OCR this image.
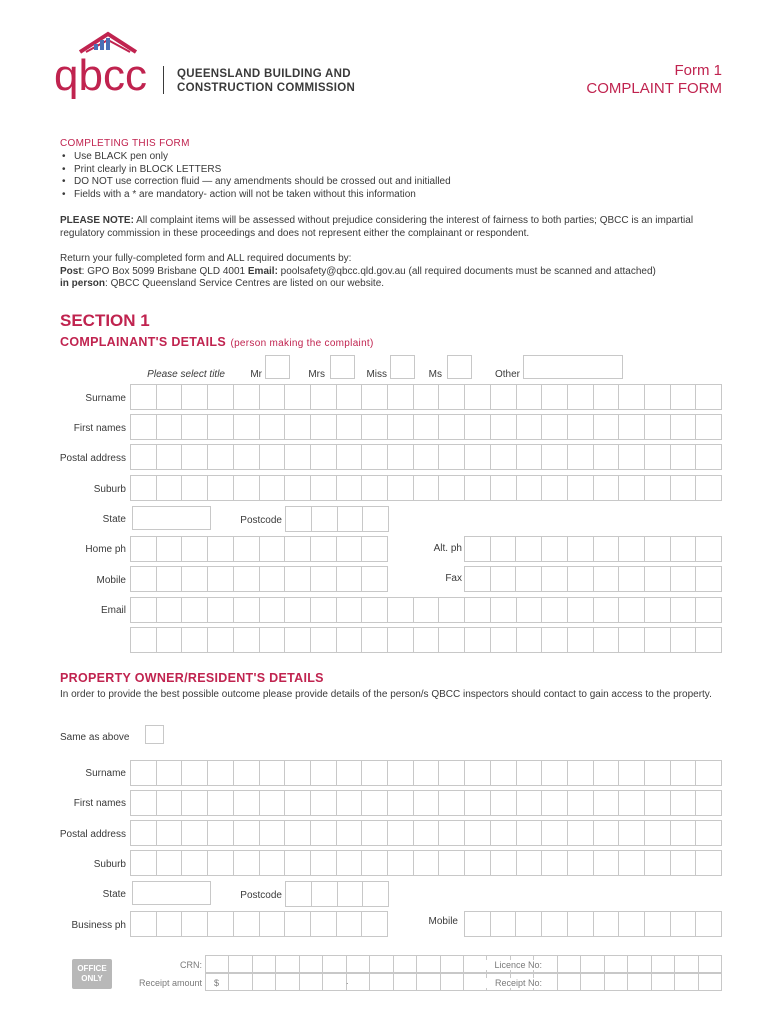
qbcc	QUEENSLAND BUILDING AND
CONSTRUCTION COMMISSION
Form 1
COMPLAINT FORM
COMPLETING THIS FORM
• Use BLACK pen only
• Print clearly in BLOCK LETTERS
• DO NOT use correction fluid — any amendments should be crossed out and initialled
• Fields with a * are mandatory- action will not be taken without this information
PLEASE NOTE: All complaint items will be assessed without prejudice considering the interest of fairness to both parties; QBCC is an impartial regulatory commission in these proceedings and does not represent either the complainant or respondent.
Return your fully-completed form and ALL required documents by:
Post: GPO Box 5099 Brisbane QLD 4001 Email: poolsafety@qbcc.qld.gov.au (all required documents must be scanned and attached)
in person: QBCC Queensland Service Centres are listed on our website.
SECTION 1
COMPLAINANT'S DETAILS (person making the complaint)
Please select title	Mr	Mrs	Miss	Ms	Other
Surname
First names
Postal address
Suburb
State	Postcode
Home ph	Alt. ph
Mobile	Fax
Email
PROPERTY OWNER/RESIDENT'S DETAILS
In order to provide the best possible outcome please provide details of the person/s QBCC inspectors should contact to gain access to the property.
Same as above
Surname
First names
Postal address
Suburb
State	Postcode
Business ph	Mobile
OFFICE
ONLY
CRN:
Receipt amount $	.
Licence No:
Receipt No:
